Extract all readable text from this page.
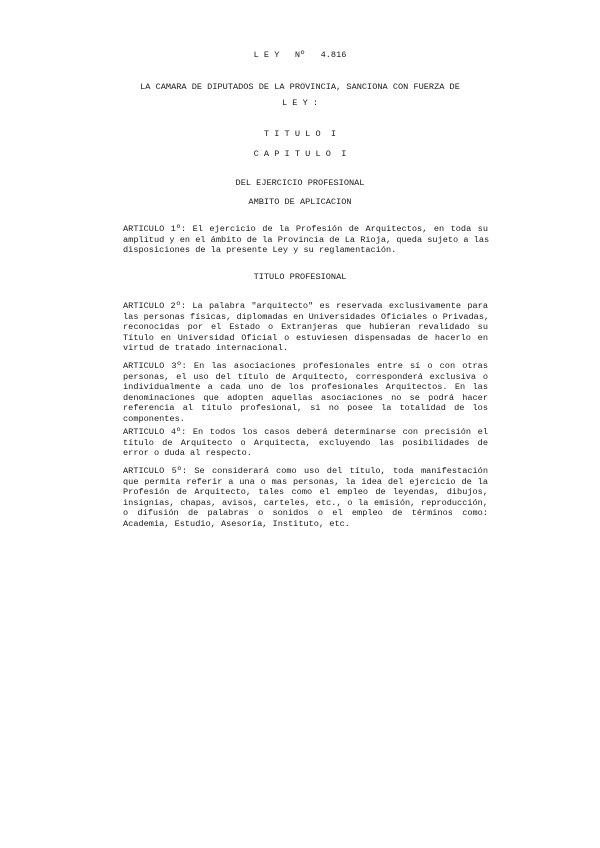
L E Y   Nº   4.816
LA CAMARA DE DIPUTADOS DE LA PROVINCIA, SANCIONA CON FUERZA DE
L E Y :
T I T U L O  I
C A P I T U L O  I
DEL EJERCICIO PROFESIONAL
AMBITO DE APLICACION
ARTICULO 1º: El ejercicio de la Profesión de Arquitectos, en toda su
amplitud y en el ámbito de la Provincia de La Rioja, queda sujeto a las
disposiciones de la presente Ley y su reglamentación.
TITULO PROFESIONAL
ARTICULO 2º: La palabra "arquitecto" es reservada exclusivamente para
las personas físicas, diplomadas en Universidades Oficiales o Privadas,
reconocidas por el Estado o Extranjeras que hubieran revalidado su
Título en Universidad Oficial o estuviesen dispensadas de hacerlo en
virtud de tratado internacional.
ARTICULO 3º: En las asociaciones profesionales entre sí o con otras
personas, el uso del título de Arquitecto, corresponderá exclusiva o
individualmente a cada uno de los profesionales Arquitectos. En las
denominaciones que adopten aquellas asociaciones no se podrá hacer
referencia al título profesional, si no posee la totalidad de los
componentes.
ARTICULO 4º: En todos los casos deberá determinarse con precisión el
título de Arquitecto o Arquitecta, excluyendo las posibilidades de
error o duda al respecto.
ARTICULO 5º: Se considerará como uso del título, toda manifestación
que permita referir a una o mas personas, la idea del ejercicio de la
Profesión de Arquitecto, tales como el empleo de leyendas, dibujos,
insignias, chapas, avisos, carteles, etc., o la emisión, reproducción,
o difusión de palabras o sonidos o el empleo de términos como:
Academia, Estudio, Asesoría, Instituto, etc.
